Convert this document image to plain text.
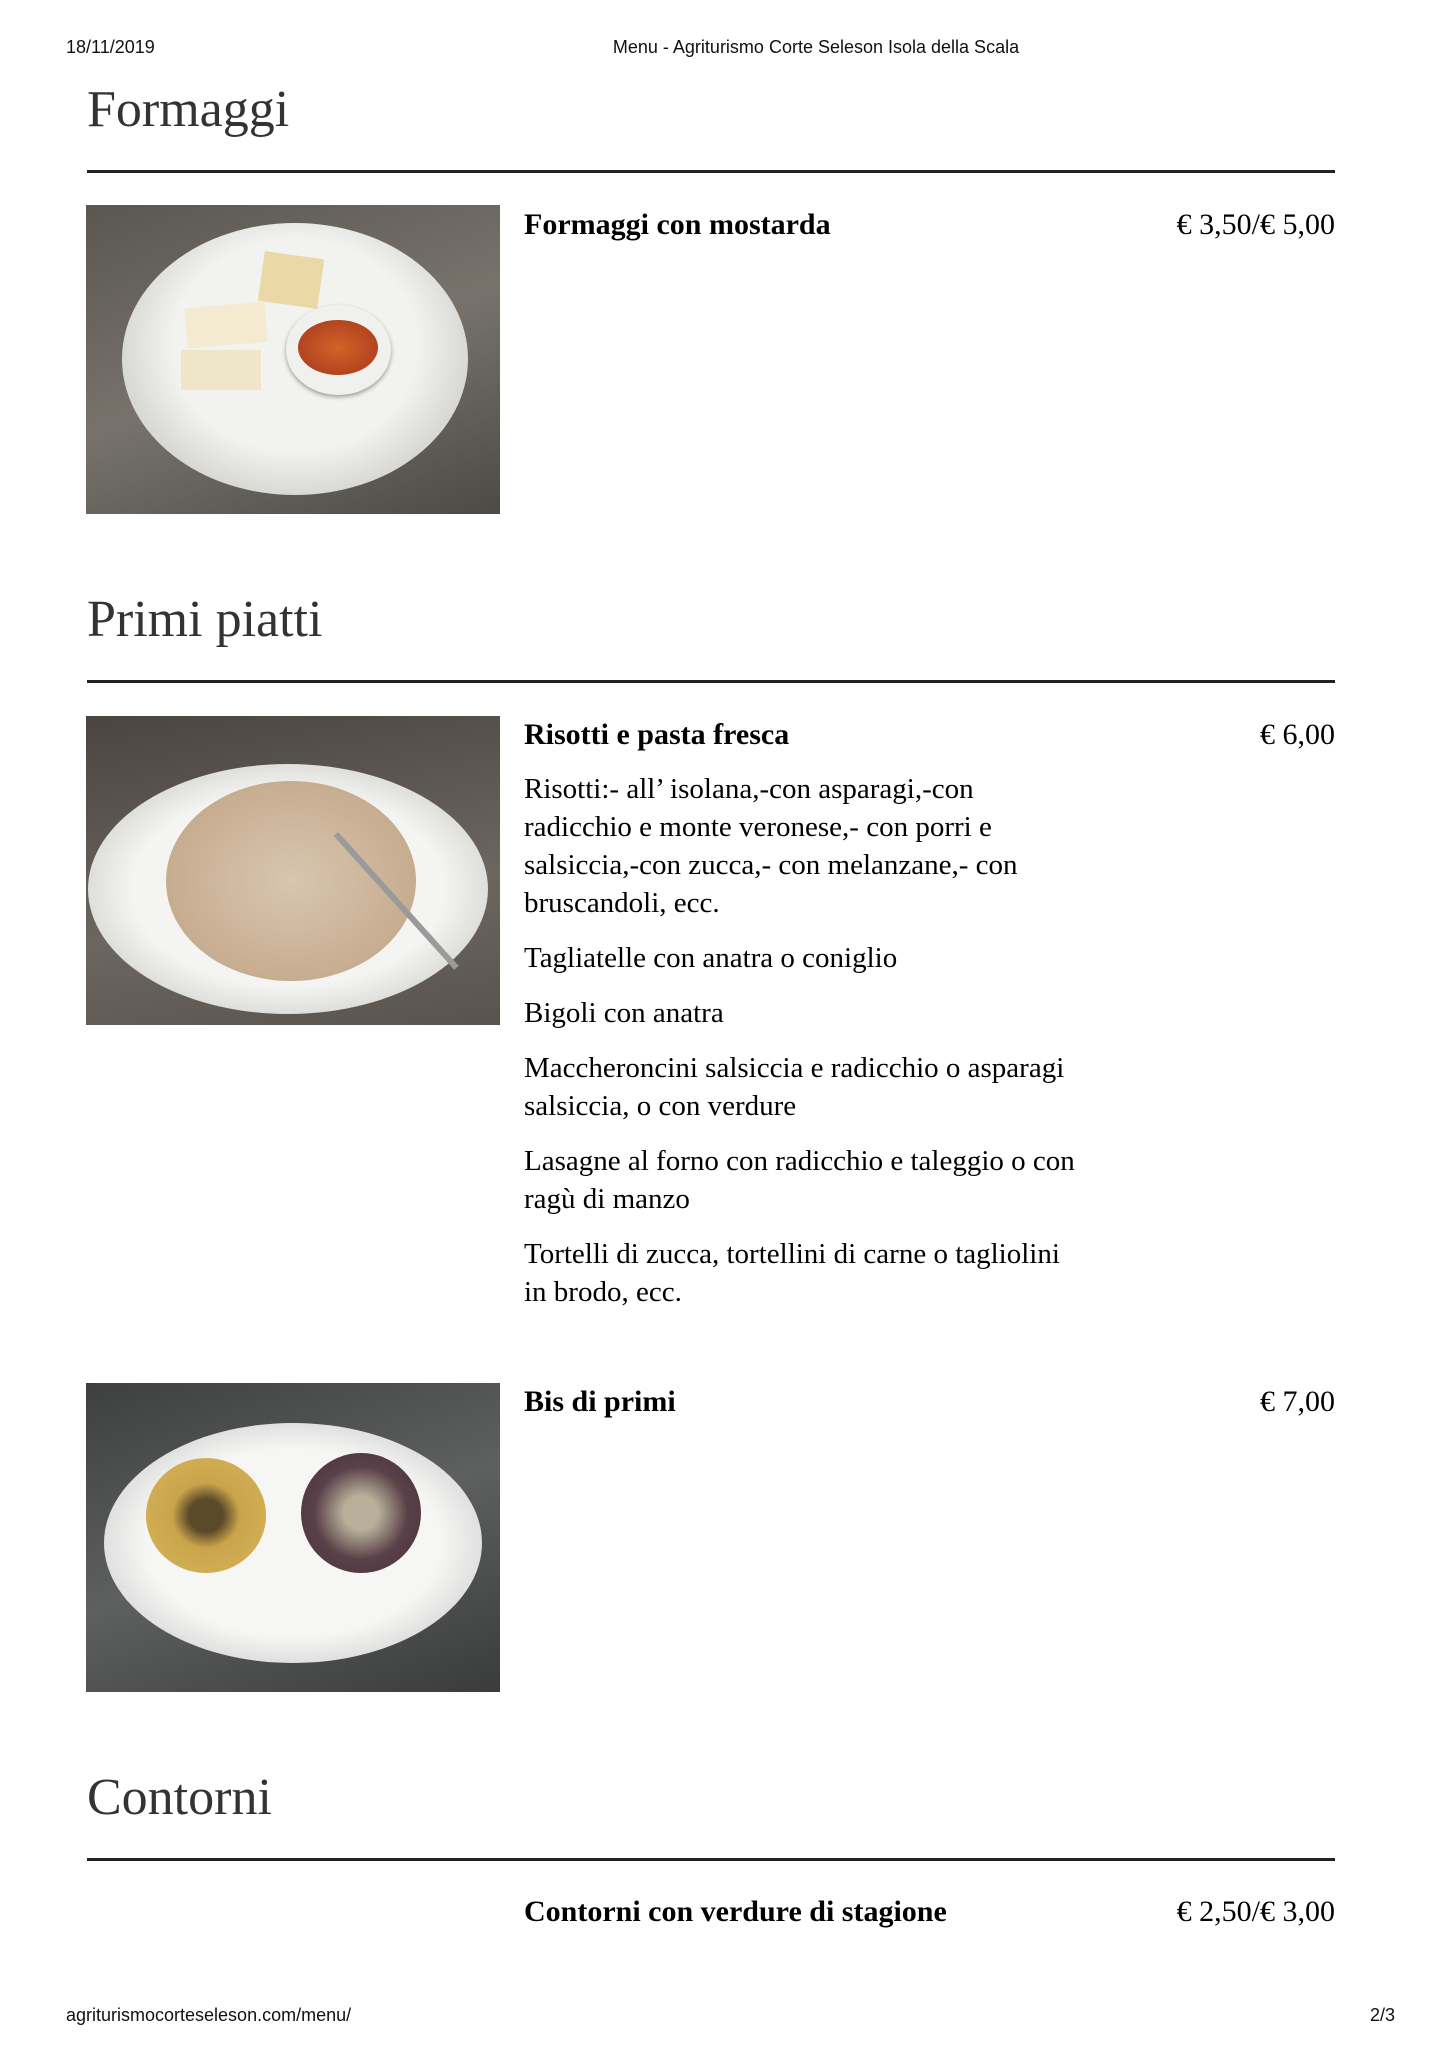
18/11/2019	Menu - Agriturismo Corte Seleson Isola della Scala
Formaggi
Formaggi con mostarda	€ 3,50/€ 5,00
Primi piatti
Risotti e pasta fresca	€ 6,00

Risotti:- all’ isolana,-con asparagi,-con radicchio e monte veronese,- con porri e salsiccia,-con zucca,- con melanzane,- con bruscandoli, ecc.

Tagliatelle con anatra o coniglio

Bigoli con anatra

Maccheroncini salsiccia e radicchio o asparagi salsiccia, o con verdure

Lasagne al forno con radicchio e taleggio o con ragù di manzo

Tortelli di zucca, tortellini di carne o tagliolini in brodo, ecc.

Bis di primi	€ 7,00
Contorni
Contorni con verdure di stagione	€ 2,50/€ 3,00
agriturismocorteseleson.com/menu/	2/3
